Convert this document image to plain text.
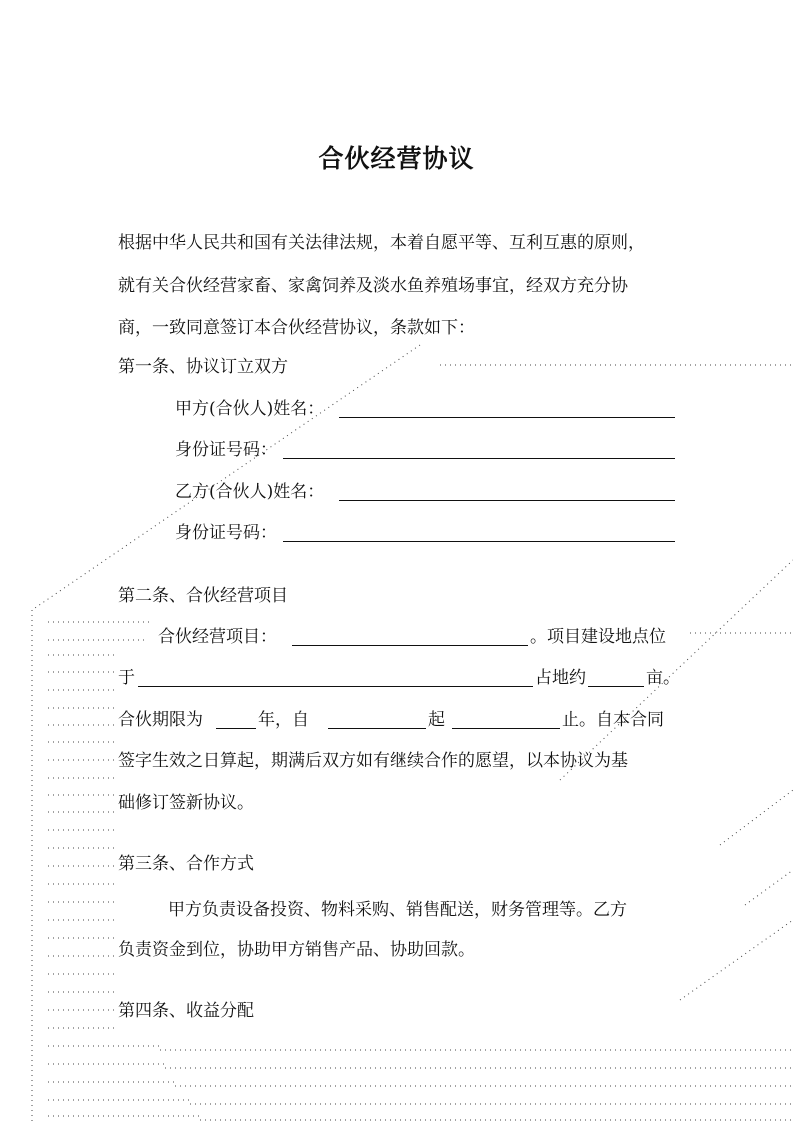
合伙经营协议
根据中华人民共和国有关法律法规，本着自愿平等、互利互惠的原则，
就有关合伙经营家畜、家禽饲养及淡水鱼养殖场事宜，经双方充分协
商，一致同意签订本合伙经营协议，条款如下：
第一条、协议订立双方
甲方(合伙人)姓名：
身份证号码：
乙方(合伙人)姓名：
身份证号码：
第二条、合伙经营项目
合伙经营项目：	。项目建设地点位
于	占地约	亩。
合伙期限为	年，自	起	止。自本合同
签字生效之日算起，期满后双方如有继续合作的愿望，以本协议为基
础修订签新协议。
第三条、合作方式
甲方负责设备投资、物料采购、销售配送，财务管理等。乙方
负责资金到位，协助甲方销售产品、协助回款。
第四条、收益分配
